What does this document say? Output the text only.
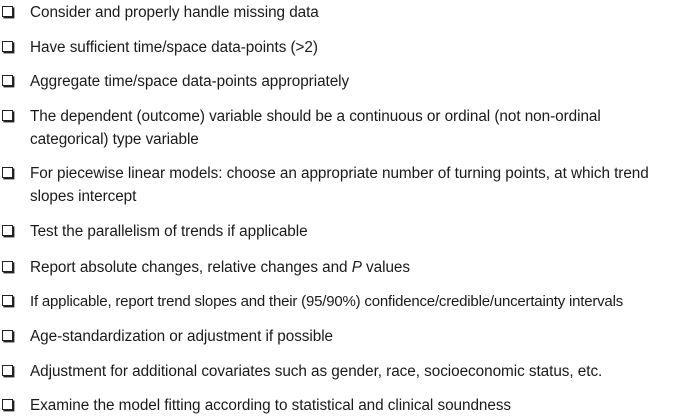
Consider and properly handle missing data
Have sufficient time/space data-points (>2)
Aggregate time/space data-points appropriately
The dependent (outcome) variable should be a continuous or ordinal (not non-ordinal
categorical) type variable
For piecewise linear models: choose an appropriate number of turning points, at which trend
slopes intercept
Test the parallelism of trends if applicable
Report absolute changes, relative changes and P values
If applicable, report trend slopes and their (95/90%) confidence/credible/uncertainty intervals
Age-standardization or adjustment if possible
Adjustment for additional covariates such as gender, race, socioeconomic status, etc.
Examine the model fitting according to statistical and clinical soundness
